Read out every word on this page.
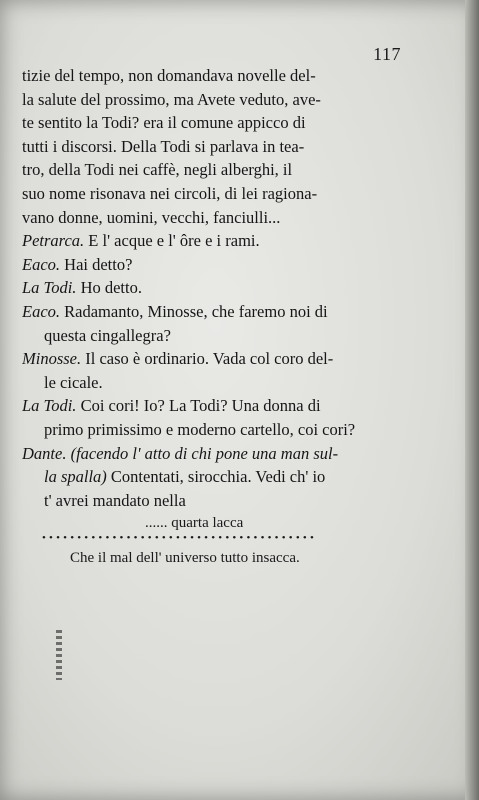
117
tizie del tempo, non domandava novelle del-
la salute del prossimo, ma Avete veduto, ave-
te sentito la Todi? era il comune appicco di
tutti i discorsi. Della Todi si parlava in tea-
tro, della Todi nei caffè, negli alberghi, il
suo nome risonava nei circoli, di lei ragiona-
vano donne, uomini, vecchi, fanciulli...
Petrarca. E l' acque e l' ôre e i rami.
Eaco. Hai detto?
La Todi. Ho detto.
Eaco. Radamanto, Minosse, che faremo noi di
questa cingallegra?
Minosse. Il caso è ordinario. Vada col coro del-
le cicale.
La Todi. Coi cori! Io? La Todi? Una donna di
primo primissimo e moderno cartello, coi cori?
Dante. (facendo l' atto di chi pone una man sul-
la spalla) Contentati, sirocchia. Vedi ch' io
t' avrei mandato nella
...... quarta lacca
•••••••••••••••••••••••••••••••••••••••
Che il mal dell' universo tutto insacca.
